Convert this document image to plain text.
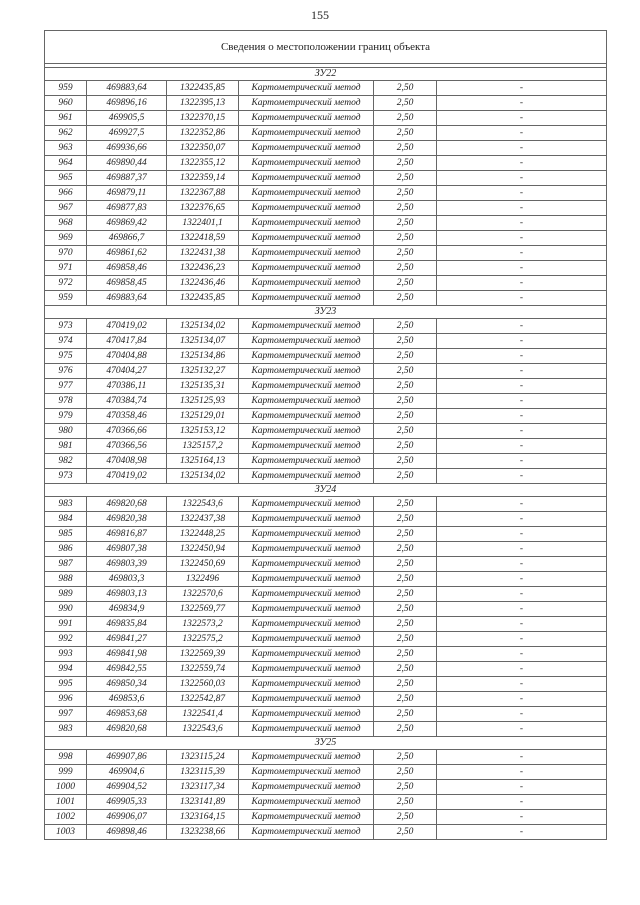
155
Сведения о местоположении границ объекта					

ЗУ22					
959	469883,64	1322435,85	Картометрический метод	2,50	-
960	469896,16	1322395,13	Картометрический метод	2,50	-
961	469905,5	1322370,15	Картометрический метод	2,50	-
962	469927,5	1322352,86	Картометрический метод	2,50	-
963	469936,66	1322350,07	Картометрический метод	2,50	-
964	469890,44	1322355,12	Картометрический метод	2,50	-
965	469887,37	1322359,14	Картометрический метод	2,50	-
966	469879,11	1322367,88	Картометрический метод	2,50	-
967	469877,83	1322376,65	Картометрический метод	2,50	-
968	469869,42	1322401,1	Картометрический метод	2,50	-
969	469866,7	1322418,59	Картометрический метод	2,50	-
970	469861,62	1322431,38	Картометрический метод	2,50	-
971	469858,46	1322436,23	Картометрический метод	2,50	-
972	469858,45	1322436,46	Картометрический метод	2,50	-
959	469883,64	1322435,85	Картометрический метод	2,50	-
ЗУ23					
973	470419,02	1325134,02	Картометрический метод	2,50	-
974	470417,84	1325134,07	Картометрический метод	2,50	-
975	470404,88	1325134,86	Картометрический метод	2,50	-
976	470404,27	1325132,27	Картометрический метод	2,50	-
977	470386,11	1325135,31	Картометрический метод	2,50	-
978	470384,74	1325125,93	Картометрический метод	2,50	-
979	470358,46	1325129,01	Картометрический метод	2,50	-
980	470366,66	1325153,12	Картометрический метод	2,50	-
981	470366,56	1325157,2	Картометрический метод	2,50	-
982	470408,98	1325164,13	Картометрический метод	2,50	-
973	470419,02	1325134,02	Картометрический метод	2,50	-
ЗУ24					
983	469820,68	1322543,6	Картометрический метод	2,50	-
984	469820,38	1322437,38	Картометрический метод	2,50	-
985	469816,87	1322448,25	Картометрический метод	2,50	-
986	469807,38	1322450,94	Картометрический метод	2,50	-
987	469803,39	1322450,69	Картометрический метод	2,50	-
988	469803,3	1322496	Картометрический метод	2,50	-
989	469803,13	1322570,6	Картометрический метод	2,50	-
990	469834,9	1322569,77	Картометрический метод	2,50	-
991	469835,84	1322573,2	Картометрический метод	2,50	-
992	469841,27	1322575,2	Картометрический метод	2,50	-
993	469841,98	1322569,39	Картометрический метод	2,50	-
994	469842,55	1322559,74	Картометрический метод	2,50	-
995	469850,34	1322560,03	Картометрический метод	2,50	-
996	469853,6	1322542,87	Картометрический метод	2,50	-
997	469853,68	1322541,4	Картометрический метод	2,50	-
983	469820,68	1322543,6	Картометрический метод	2,50	-
ЗУ25					
998	469907,86	1323115,24	Картометрический метод	2,50	-
999	469904,6	1323115,39	Картометрический метод	2,50	-
1000	469904,52	1323117,34	Картометрический метод	2,50	-
1001	469905,33	1323141,89	Картометрический метод	2,50	-
1002	469906,07	1323164,15	Картометрический метод	2,50	-
1003	469898,46	1323238,66	Картометрический метод	2,50	-
